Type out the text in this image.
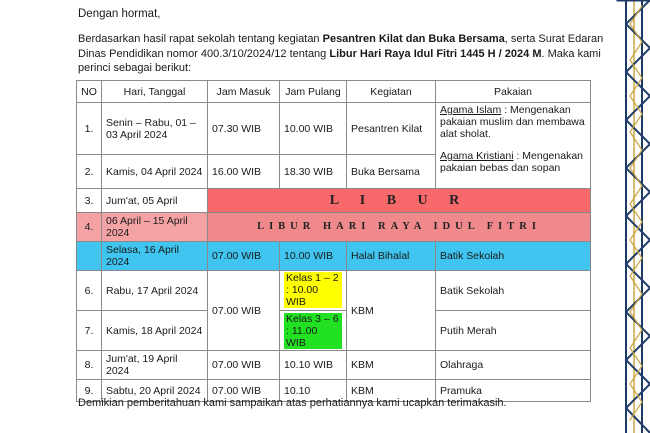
Dengan hormat,
Berdasarkan hasil rapat sekolah tentang kegiatan Pesantren Kilat dan Buka Bersama, serta Surat Edaran Dinas Pendidikan nomor 400.3/10/2024/12 tentang Libur Hari Raya Idul Fitri 1445 H / 2024 M. Maka kami perinci sebagai berikut:
NO	Hari, Tanggal	Jam Masuk	Jam Pulang	Kegiatan	Pakaian
1.	Senin – Rabu, 01 – 03 April 2024	07.30 WIB	10.00 WIB	Pesantren Kilat	Agama Islam : Mengenakan pakaian muslim dan membawa alat sholat.
Agama Kristiani : Mengenakan pakaian bebas dan sopan

2.	Kamis, 04 April 2024	16.00 WIB	18.30 WIB	Buka Bersama	
3.	Jum'at, 05 April	L I B U R			
4.	06 April – 15 April 2024	LIBUR HARI RAYA IDUL FITRI			
	Selasa, 16 April 2024	07.00 WIB	10.00 WIB	Halal Bihalal	Batik Sekolah
6.	Rabu, 17 April 2024	07.00 WIB	Kelas 1 – 2 : 10.00 WIB	KBM	Batik Sekolah
7.	Kamis, 18 April 2024		Kelas 3 – 6 : 11.00 WIB		Putih Merah
8.	Jum'at, 19 April 2024	07.00 WIB	10.10 WIB	KBM	Olahraga
9.	Sabtu, 20 April 2024	07.00 WIB	10.10	KBM	Pramuka
Demikian pemberitahuan kami sampaikan atas perhatiannya kami ucapkan terimakasih.
